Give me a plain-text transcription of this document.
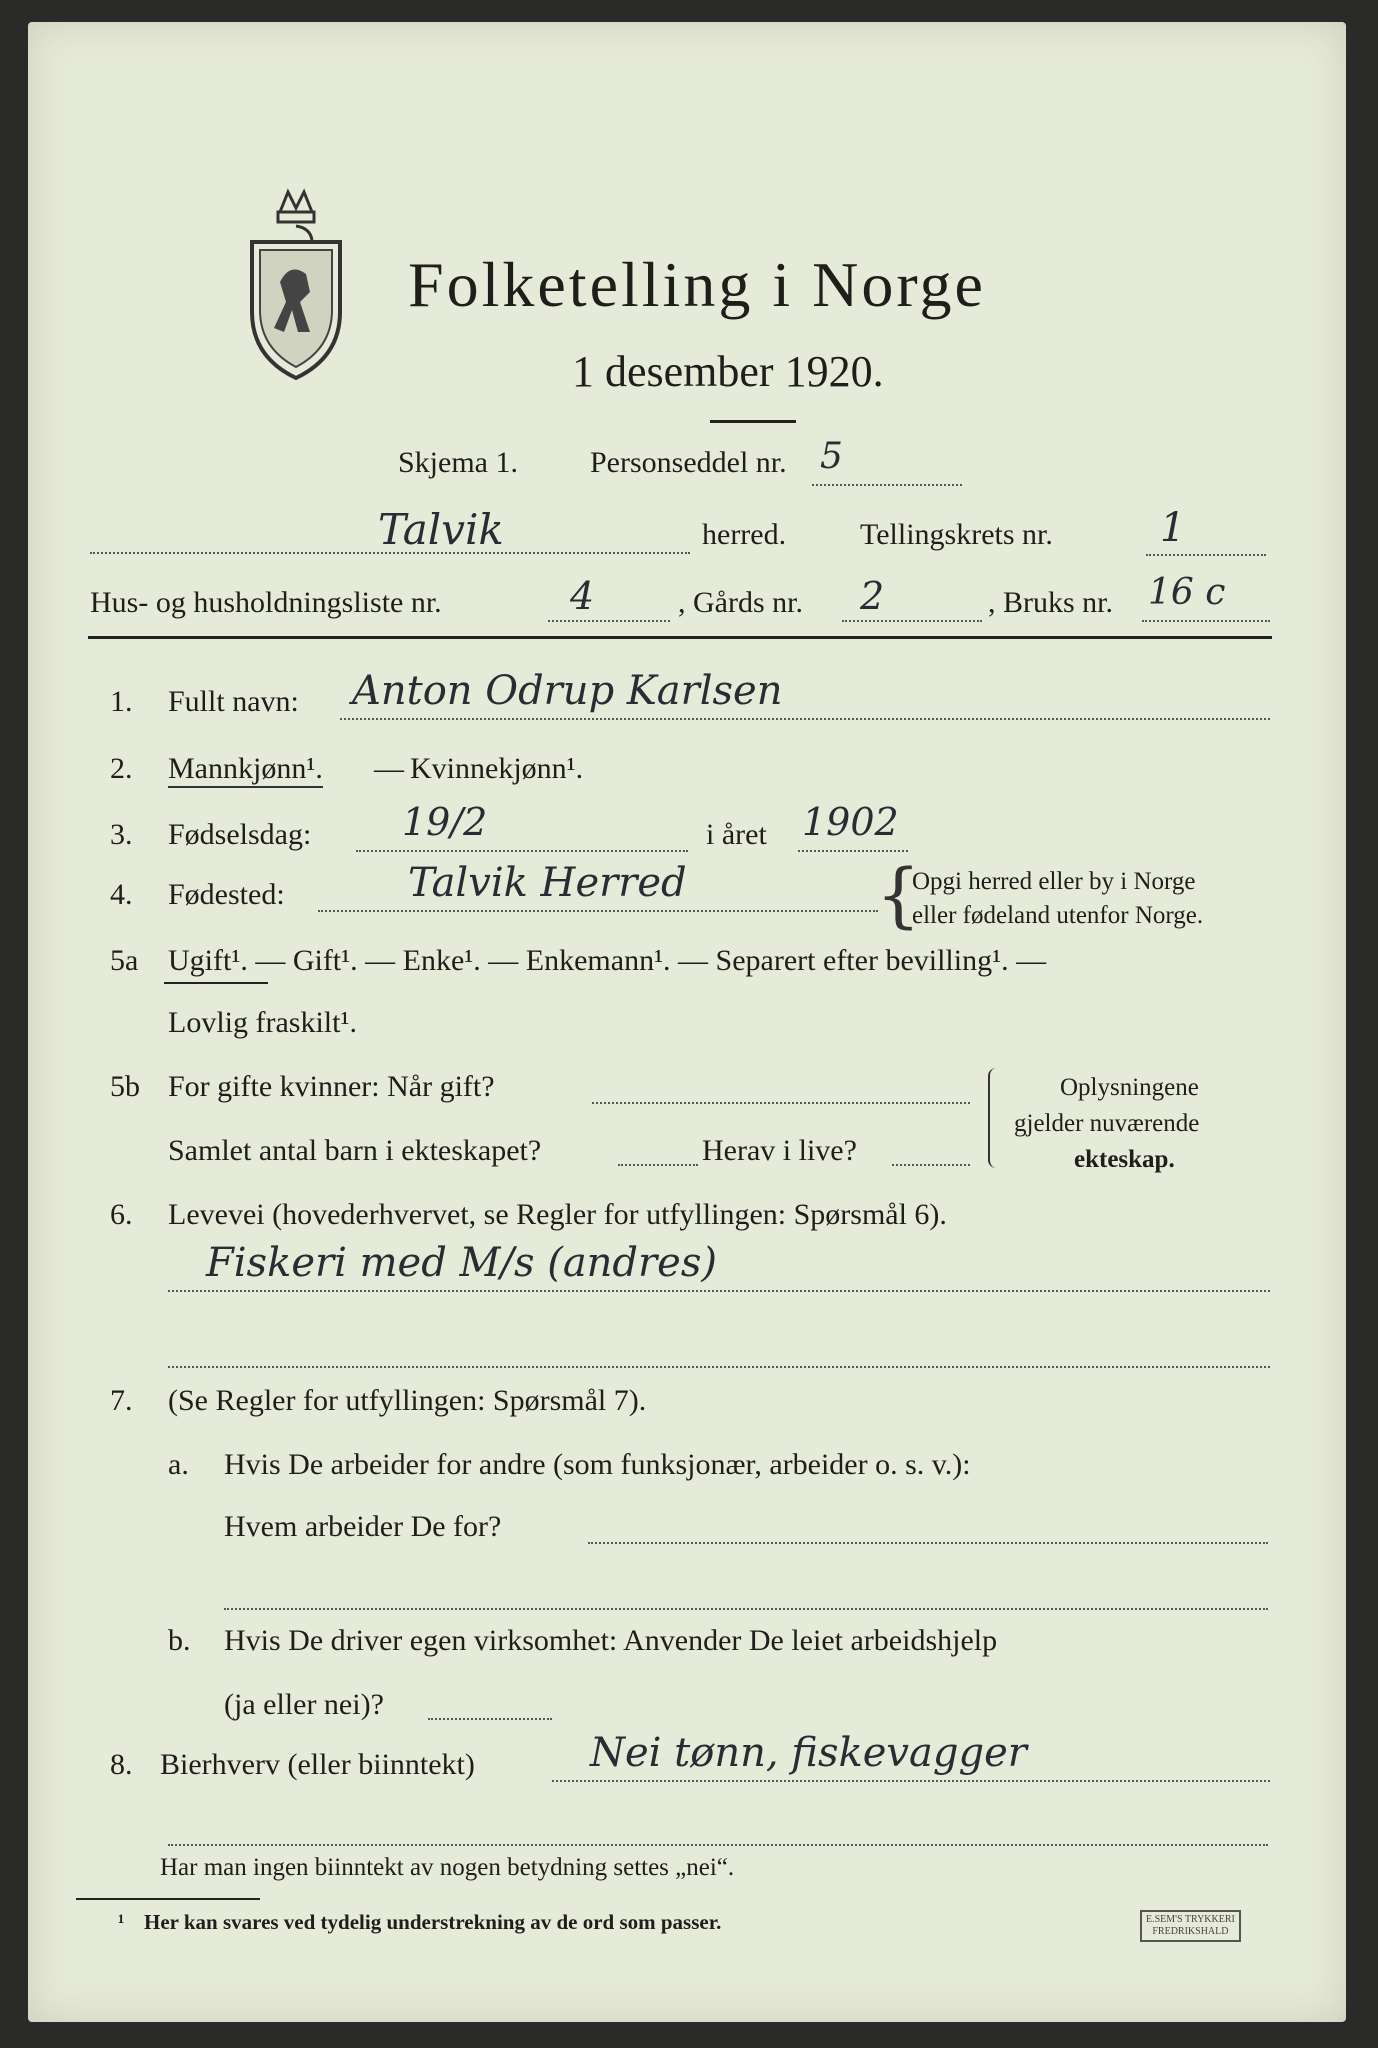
Folketelling i Norge
1 desember 1920.
Skjema 1. Personseddel nr. 5
Talvik	herred. Tellingskrets nr.	1
Hus- og husholdningsliste nr.	4	, Gårds nr. 2	, Bruks nr. 16 c
1. Fullt navn: Anton Odrup Karlsen
2. Mannkjønn¹. — Kvinnekjønn¹.
3. Fødselsdag: 19/2	i året 1902
4. Fødested:	Talvik Herred	{
Opgi herred eller by i Norge
eller fødeland utenfor Norge.
5a Ugift¹. — Gift¹. — Enke¹. — Enkemann¹. — Separert efter bevilling¹. —
Lovlig fraskilt¹.
5b For gifte kvinner: Når gift?
Samlet antal barn i ekteskapet?	Herav i live?
Oplysningene
gjelder nuværende
ekteskap.
6. Levevei (hovederhvervet, se Regler for utfyllingen: Spørsmål 6).
Fiskeri med M/s (andres)
7. (Se Regler for utfyllingen: Spørsmål 7).
a. Hvis De arbeider for andre (som funksjonær, arbeider o. s. v.):
Hvem arbeider De for?
b. Hvis De driver egen virksomhet: Anvender De leiet arbeidshjelp
(ja eller nei)?
8. Bierhverv (eller biinntekt)	Nei tønn, fiskevagger
Har man ingen biinntekt av nogen betydning settes „nei“.
¹ Her kan svares ved tydelig understrekning av de ord som passer.	E.SEM'S TRYKKERI
FREDRIKSHALD
